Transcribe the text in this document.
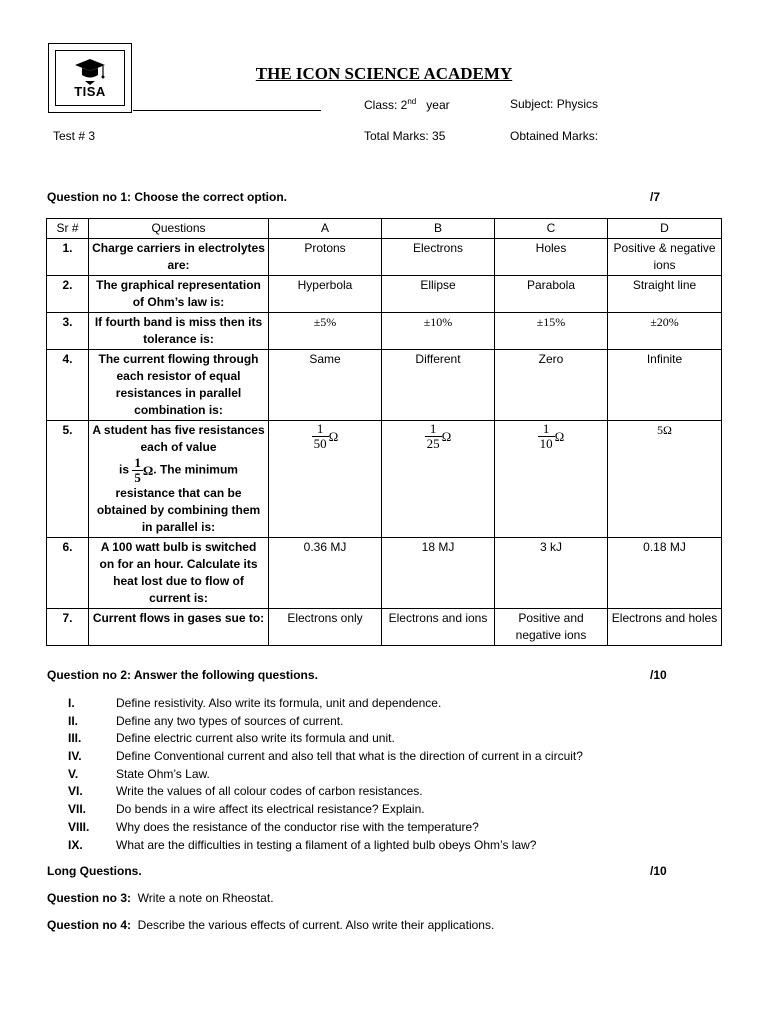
TISA
THE ICON SCIENCE ACADEMY
Class: 2nd year	Subject: Physics
Test # 3	Total Marks: 35	Obtained Marks:
Question no 1: Choose the correct option.	/7
Sr #	Questions	A	B	C	D
1.	Charge carriers in electrolytes are:	Protons	Electrons	Holes	Positive & negative ions
2.	The graphical representation of Ohm’s law is:	Hyperbola	Ellipse	Parabola	Straight line
3.	If fourth band is miss then its tolerance is:	±5%	±10%	±15%	±20%
4.	The current flowing through each resistor of equal resistances in parallel combination is:	Same	Different	Zero	Infinite
5.	A student has five resistances each of value
is $\frac{1}{5} \Omega$. The minimum resistance that can be obtained by combining them in parallel is:	$\frac{1}{50}$ Ω	$\frac{1}{25}$ Ω	$\frac{1}{10}$ Ω	5Ω
6.	A 100 watt bulb is switched on for an hour. Calculate its heat lost due to flow of current is:	0.36 MJ	18 MJ	3 kJ	0.18 MJ
7.	Current flows in gases sue to:	Electrons only	Electrons and ions	Positive and negative ions	Electrons and holes
Question no 2: Answer the following questions.	/10
I.	Define resistivity. Also write its formula, unit and dependence.
II.	Define any two types of sources of current.
III.	Define electric current also write its formula and unit.
IV.	Define Conventional current and also tell that what is the direction of current in a circuit?
V.	State Ohm’s Law.
VI.	Write the values of all colour codes of carbon resistances.
VII. Do bends in a wire affect its electrical resistance? Explain.
VIII. Why does the resistance of the conductor rise with the temperature?
IX.	What are the difficulties in testing a filament of a lighted bulb obeys Ohm’s law?
Long Questions.	/10
Question no 3: Write a note on Rheostat.
Question no 4: Describe the various effects of current. Also write their applications.
